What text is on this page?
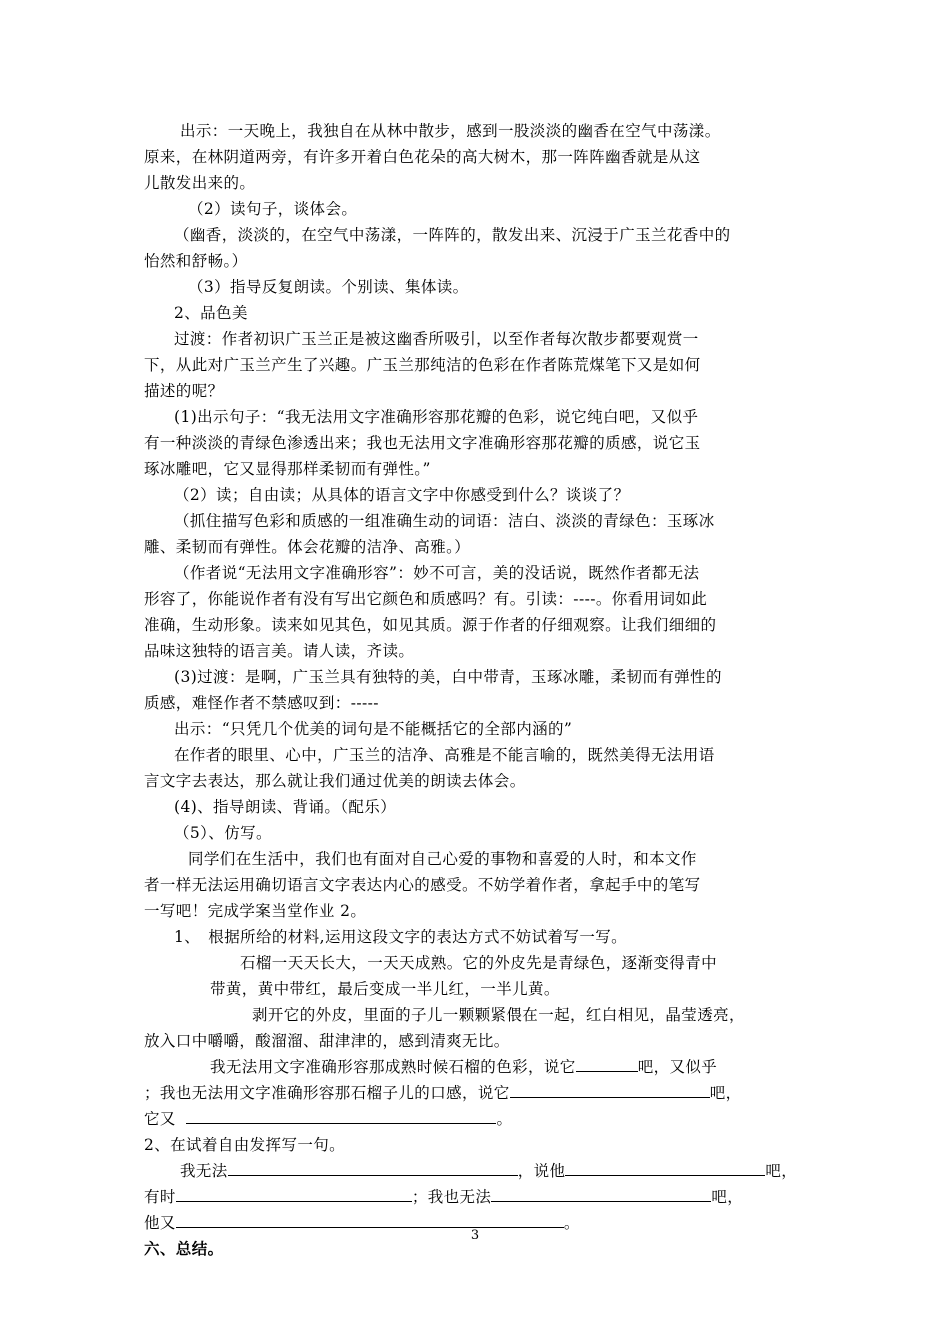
出示：一天晚上，我独自在从林中散步，感到一股淡淡的幽香在空气中荡漾。
原来，在林阴道两旁，有许多开着白色花朵的高大树木，那一阵阵幽香就是从这
儿散发出来的。
（2）读句子，谈体会。
（幽香，淡淡的，在空气中荡漾，一阵阵的，散发出来、沉浸于广玉兰花香中的
怡然和舒畅。）
（3）指导反复朗读。个别读、集体读。
2、品色美
过渡：作者初识广玉兰正是被这幽香所吸引，以至作者每次散步都要观赏一
下，从此对广玉兰产生了兴趣。广玉兰那纯洁的色彩在作者陈荒煤笔下又是如何
描述的呢？
(1)出示句子：“我无法用文字准确形容那花瓣的色彩，说它纯白吧，又似乎
有一种淡淡的青绿色渗透出来；我也无法用文字准确形容那花瓣的质感，说它玉
琢冰雕吧，它又显得那样柔韧而有弹性。”
（2）读；自由读；从具体的语言文字中你感受到什么？谈谈了？
（抓住描写色彩和质感的一组准确生动的词语：洁白、淡淡的青绿色：玉琢冰
雕、柔韧而有弹性。体会花瓣的洁净、高雅。）
（作者说“无法用文字准确形容”：妙不可言，美的没话说，既然作者都无法
形容了，你能说作者有没有写出它颜色和质感吗？有。引读：----。你看用词如此
准确，生动形象。读来如见其色，如见其质。源于作者的仔细观察。让我们细细的
品味这独特的语言美。请人读，齐读。
(3)过渡：是啊，广玉兰具有独特的美，白中带青，玉琢冰雕，柔韧而有弹性的
质感，难怪作者不禁感叹到：-----
出示：“只凭几个优美的词句是不能概括它的全部内涵的”
在作者的眼里、心中，广玉兰的洁净、高雅是不能言喻的，既然美得无法用语
言文字去表达，那么就让我们通过优美的朗读去体会。
(4)、指导朗读、背诵。（配乐）
（5）、仿写。
同学们在生活中，我们也有面对自己心爱的事物和喜爱的人时，和本文作
者一样无法运用确切语言文字表达内心的感受。不妨学着作者，拿起手中的笔写
一写吧！完成学案当堂作业 2。
1、　根据所给的材料,运用这段文字的表达方式不妨试着写一写。
石榴一天天长大，一天天成熟。它的外皮先是青绿色，逐渐变得青中
带黄，黄中带红，最后变成一半儿红，一半儿黄。
剥开它的外皮，里面的子儿一颗颗紧偎在一起，红白相见，晶莹透亮，
放入口中嚼嚼，酸溜溜、甜津津的，感到清爽无比。
我无法用文字准确形容那成熟时候石榴的色彩，说它	吧，又似乎
；我也无法用文字准确形容那石榴子儿的口感，说它	吧，
它又	。
2、在试着自由发挥写一句。
我无法	，说他	吧，
有时	；我也无法	吧，
他又	。
六、总结。
3
